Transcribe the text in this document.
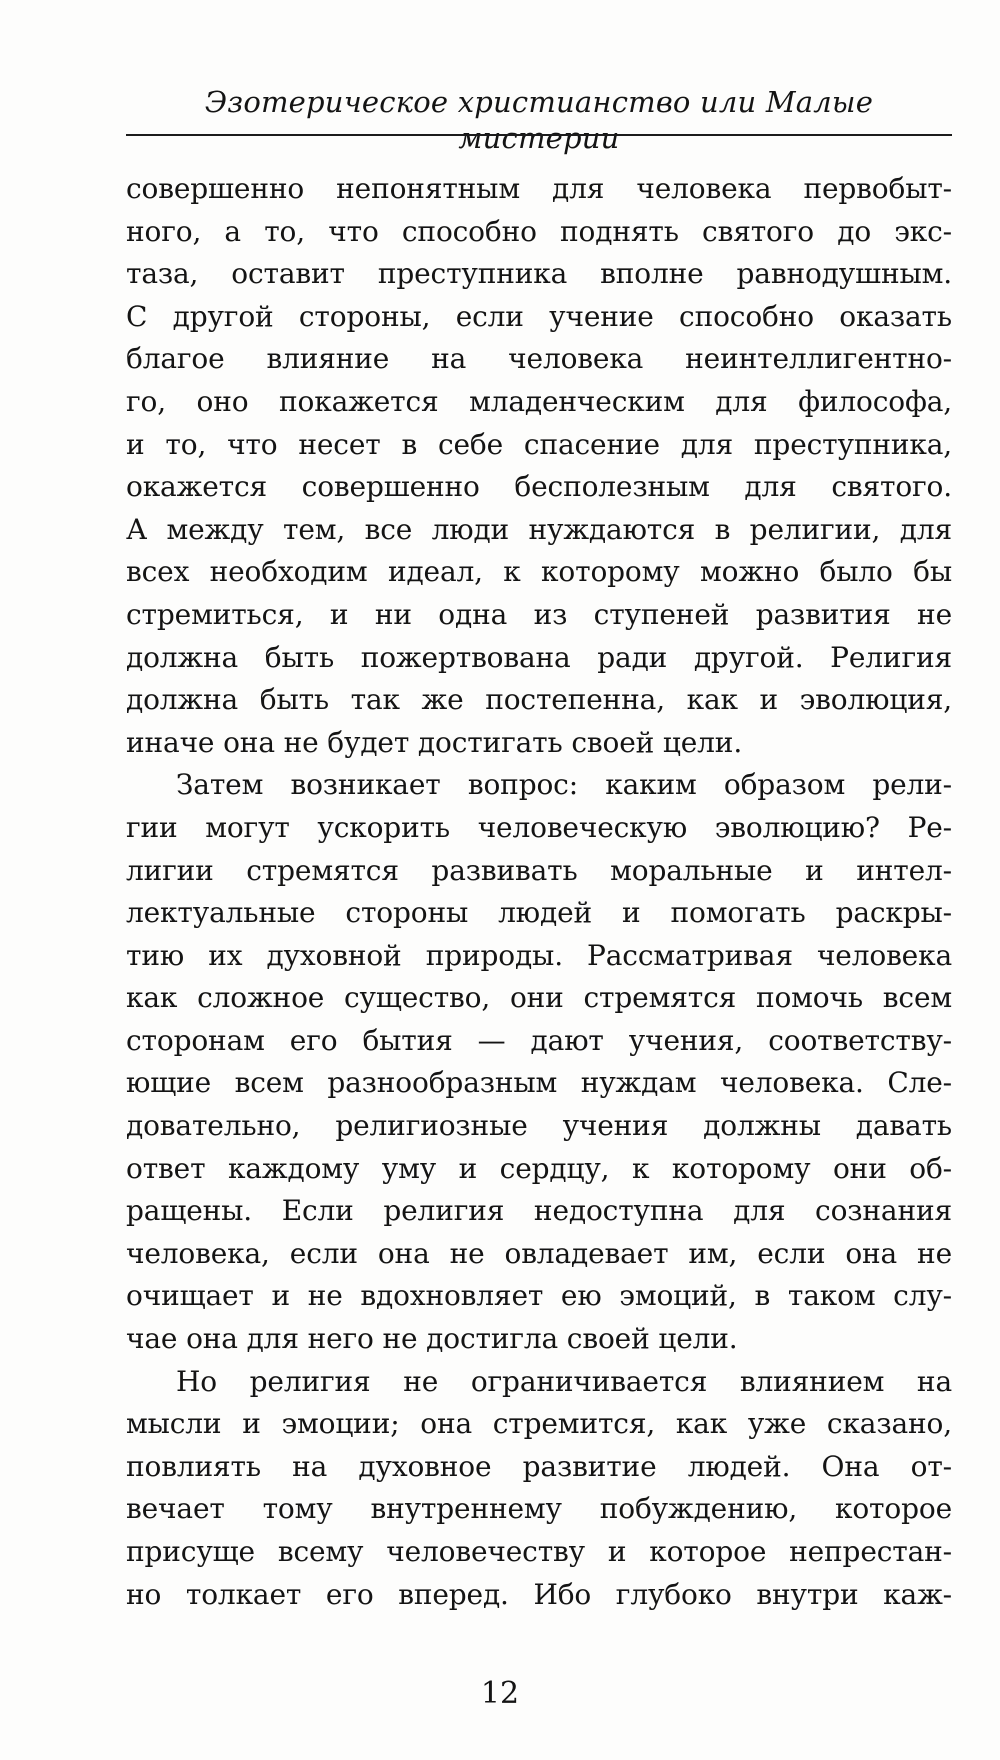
Эзотерическое христианство или Малые мистерии
совершенно непонятным для человека первобыт-
ного, а то, что способно поднять святого до экс-
таза, оставит преступника вполне равнодушным.
С другой стороны, если учение способно оказать
благое влияние на человека неинтеллигентно-
го, оно покажется младенческим для философа,
и то, что несет в себе спасение для преступника,
окажется совершенно бесполезным для святого.
А между тем, все люди нуждаются в религии, для
всех необходим идеал, к которому можно было бы
стремиться, и ни одна из ступеней развития не
должна быть пожертвована ради другой. Религия
должна быть так же постепенна, как и эволюция,
иначе она не будет достигать своей цели.
Затем возникает вопрос: каким образом рели-
гии могут ускорить человеческую эволюцию? Ре-
лигии стремятся развивать моральные и интел-
лектуальные стороны людей и помогать раскры-
тию их духовной природы. Рассматривая человека
как сложное существо, они стремятся помочь всем
сторонам его бытия — дают учения, соответству-
ющие всем разнообразным нуждам человека. Сле-
довательно, религиозные учения должны давать
ответ каждому уму и сердцу, к которому они об-
ращены. Если религия недоступна для сознания
человека, если она не овладевает им, если она не
очищает и не вдохновляет ею эмоций, в таком слу-
чае она для него не достигла своей цели.
Но религия не ограничивается влиянием на
мысли и эмоции; она стремится, как уже сказано,
повлиять на духовное развитие людей. Она от-
вечает тому внутреннему побуждению, которое
присуще всему человечеству и которое непрестан-
но толкает его вперед. Ибо глубоко внутри каж-
12
